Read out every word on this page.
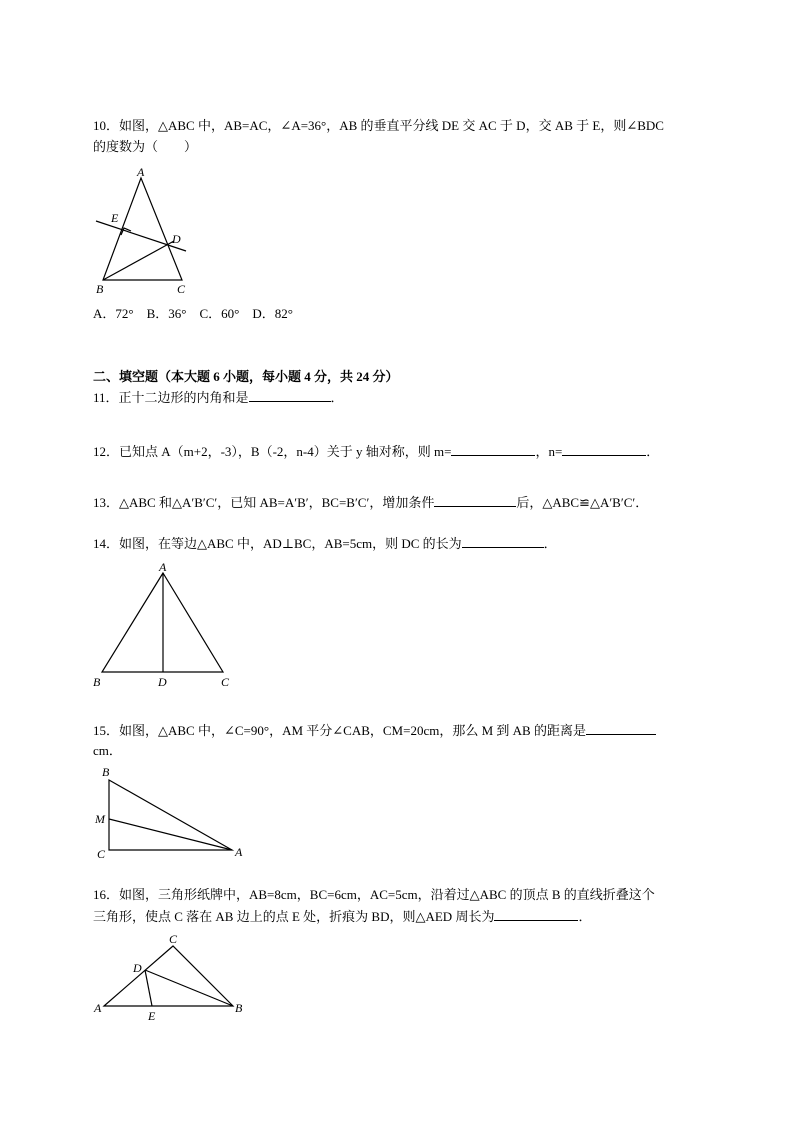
10．如图，△ABC 中，AB=AC，∠A=36°，AB 的垂直平分线 DE 交 AC 于 D，交 AB 于 E，则∠BDC
的度数为（　　）
A
E
D
B	C
A．72°　B．36°　C．60°　D．82°
二、填空题（本大题 6 小题，每小题 4 分，共 24 分）
11．正十二边形的内角和是	．
12．已知点 A（m+2，-3），B（-2，n-4）关于 y 轴对称，则 m=	，n=	．
13．△ABC 和△A′B′C′，已知 AB=A′B′，BC=B′C′，增加条件	后，△ABC≌△A′B′C′．
14．如图，在等边△ABC 中，AD⊥BC，AB=5cm，则 DC 的长为	．
A
B	D	C
15．如图，△ABC 中，∠C=90°，AM 平分∠CAB，CM=20cm，那么 M 到 AB 的距离是
cm．
B
M
C	A
16．如图，三角形纸牌中，AB=8cm，BC=6cm，AC=5cm，沿着过△ABC 的顶点 B 的直线折叠这个
三角形，使点 C 落在 AB 边上的点 E 处，折痕为 BD，则△AED 周长为	．
C
D
A
E
B
